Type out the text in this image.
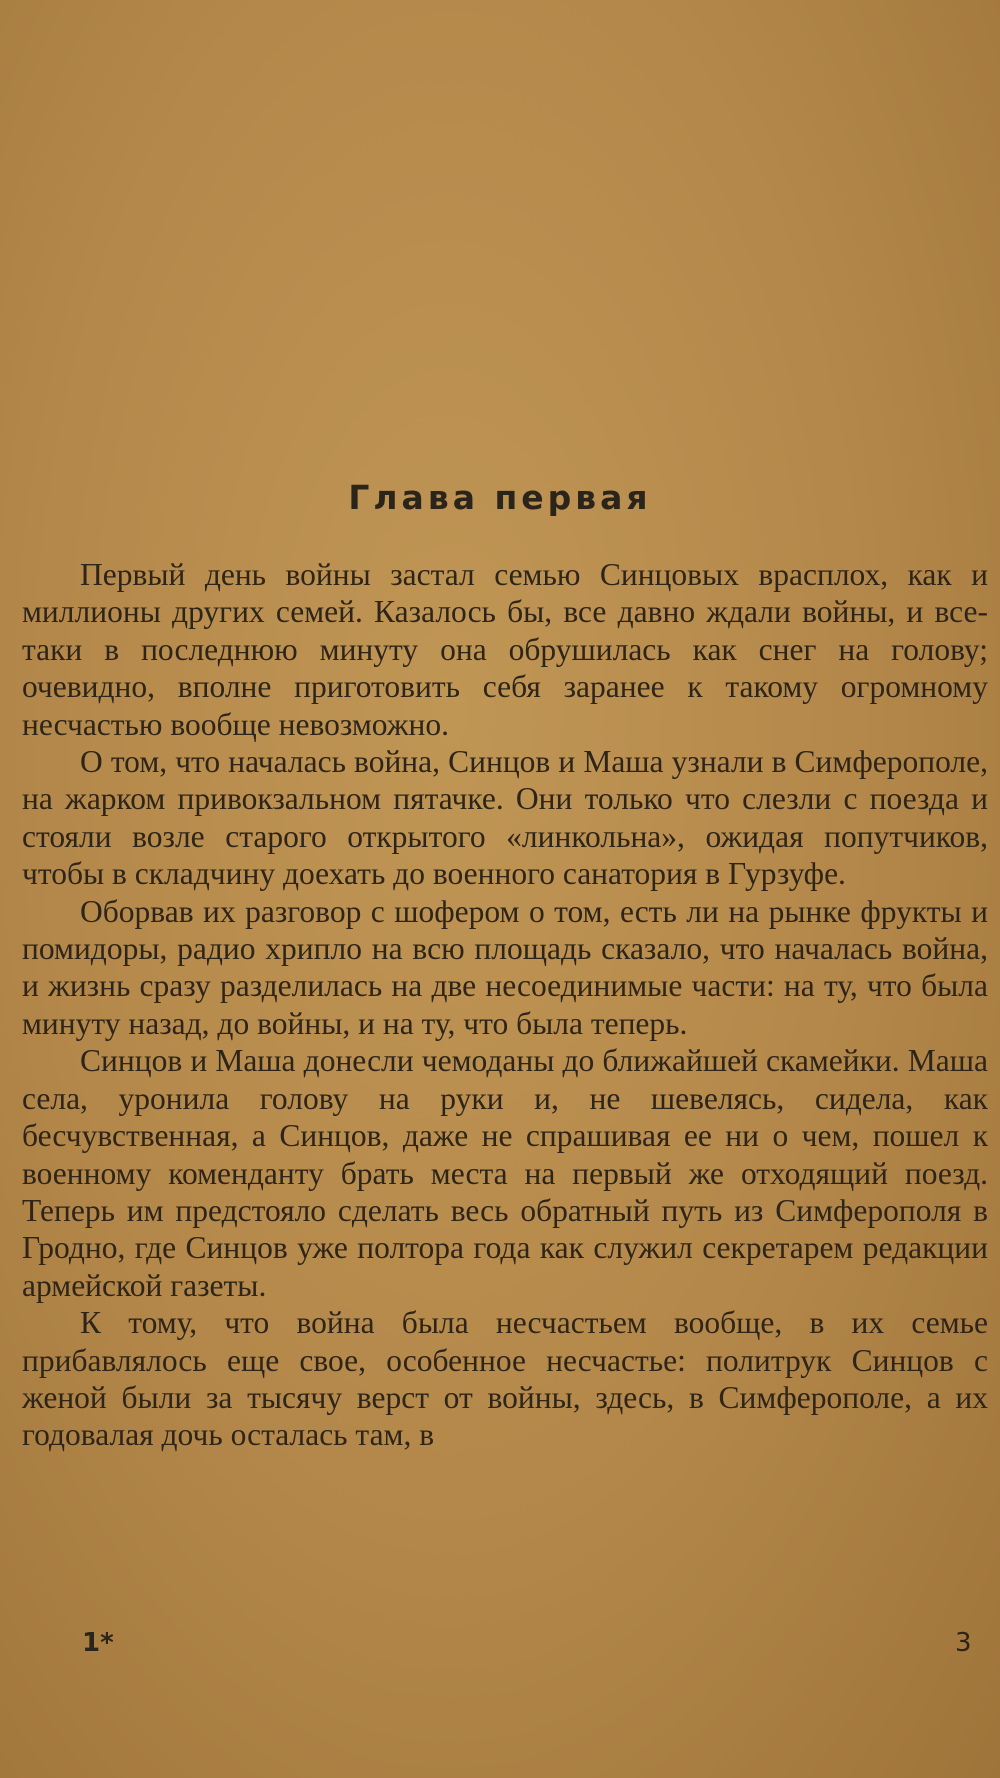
Глава первая

Первый день войны застал семью Синцовых врасплох, как и миллионы других семей. Казалось бы, все давно ждали войны, и все-таки в последнюю минуту она обрушилась как снег на голову; очевидно, вполне приготовить себя заранее к такому огромному несчастью вообще невозможно.

О том, что началась война, Синцов и Маша узнали в Симферополе, на жарком привокзальном пятачке. Они только что слезли с поезда и стояли возле старого открытого «линкольна», ожидая попутчиков, чтобы в складчину доехать до военного санатория в Гурзуфе.

Оборвав их разговор с шофером о том, есть ли на рынке фрукты и помидоры, радио хрипло на всю площадь сказало, что началась война, и жизнь сразу разделилась на две несоединимые части: на ту, что была минуту назад, до войны, и на ту, что была теперь.

Синцов и Маша донесли чемоданы до ближайшей скамейки. Маша села, уронила голову на руки и, не шевелясь, сидела, как бесчувственная, а Синцов, даже не спрашивая ее ни о чем, пошел к военному коменданту брать места на первый же отходящий поезд. Теперь им предстояло сделать весь обратный путь из Симферополя в Гродно, где Синцов уже полтора года как служил секретарем редакции армейской газеты.

К тому, что война была несчастьем вообще, в их семье прибавлялось еще свое, особенное несчастье: политрук Синцов с женой были за тысячу верст от войны, здесь, в Симферополе, а их годовалая дочь осталась там, в

1*	3
